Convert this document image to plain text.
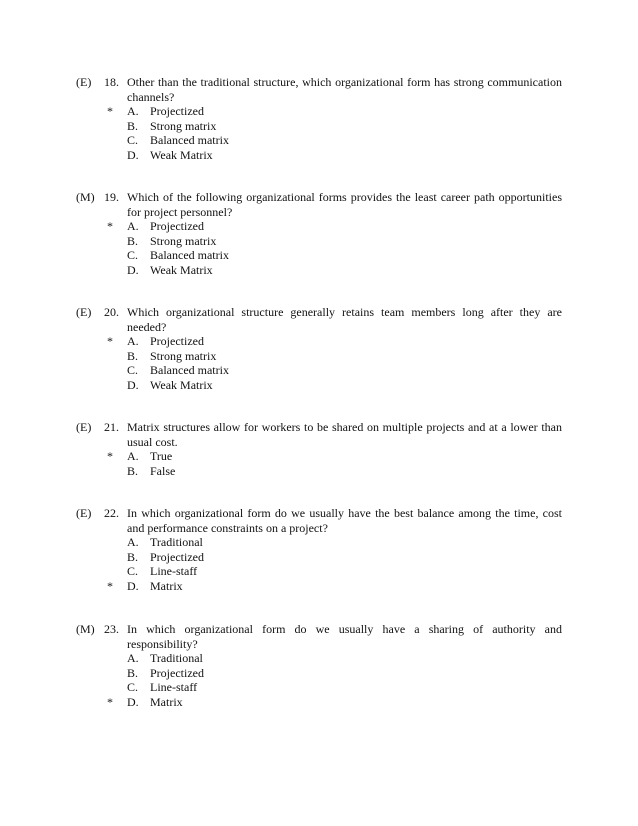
(E) 18. Other than the traditional structure, which organizational form has strong communication channels?
* A. Projectized
B. Strong matrix
C. Balanced matrix
D. Weak Matrix
(M) 19. Which of the following organizational forms provides the least career path opportunities for project personnel?
* A. Projectized
B. Strong matrix
C. Balanced matrix
D. Weak Matrix
(E) 20. Which organizational structure generally retains team members long after they are needed?
* A. Projectized
B. Strong matrix
C. Balanced matrix
D. Weak Matrix
(E) 21. Matrix structures allow for workers to be shared on multiple projects and at a lower than usual cost.
* A. True
B. False
(E) 22. In which organizational form do we usually have the best balance among the time, cost and performance constraints on a project?
A. Traditional
B. Projectized
C. Line-staff
* D. Matrix
(M) 23. In which organizational form do we usually have a sharing of authority and responsibility?
A. Traditional
B. Projectized
C. Line-staff
* D. Matrix
